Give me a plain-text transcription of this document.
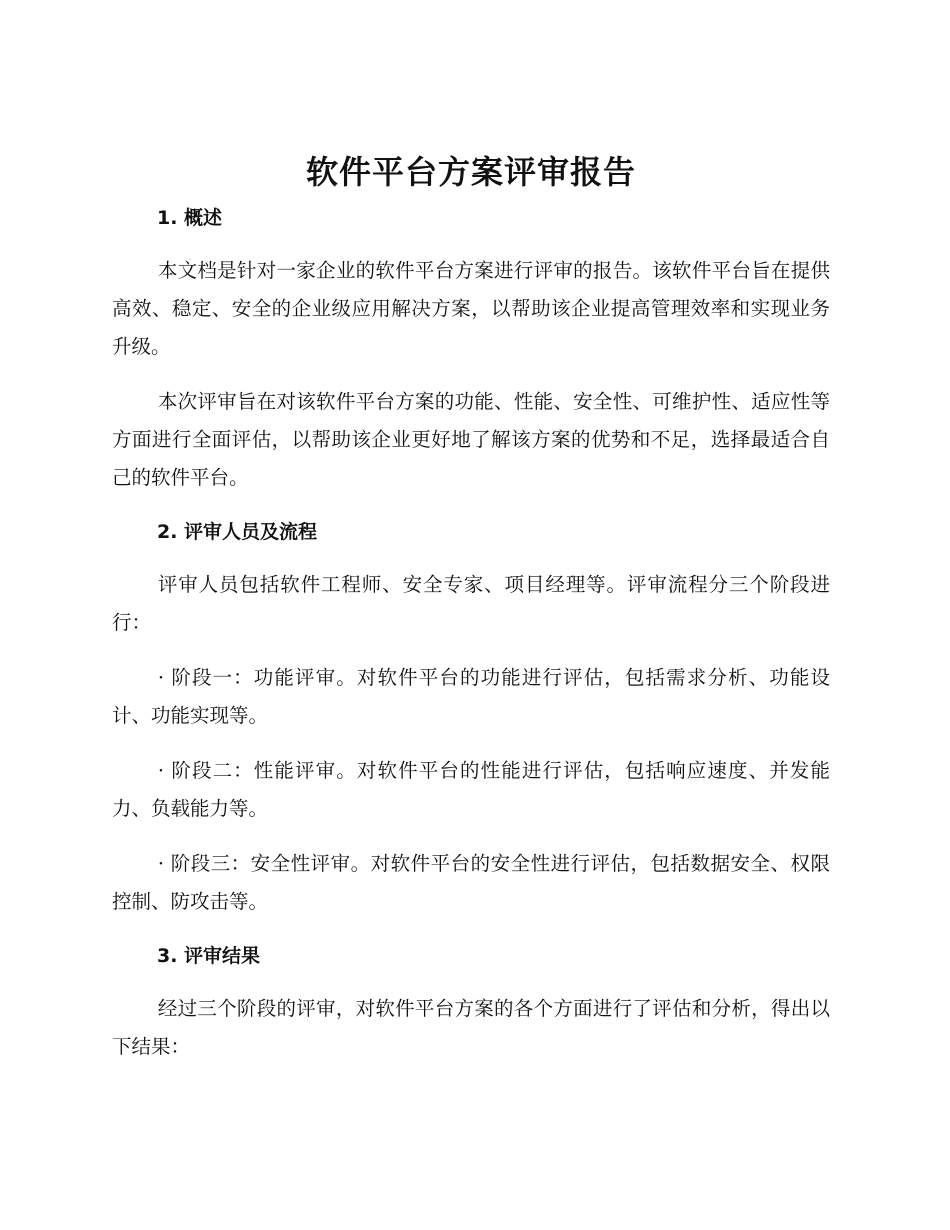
软件平台方案评审报告
1. 概述

本文档是针对一家企业的软件平台方案进行评审的报告。该软件平台旨在提供高效、稳定、安全的企业级应用解决方案，以帮助该企业提高管理效率和实现业务升级。

本次评审旨在对该软件平台方案的功能、性能、安全性、可维护性、适应性等方面进行全面评估，以帮助该企业更好地了解该方案的优势和不足，选择最适合自己的软件平台。

2. 评审人员及流程

评审人员包括软件工程师、安全专家、项目经理等。评审流程分三个阶段进行：

· 阶段一：功能评审。对软件平台的功能进行评估，包括需求分析、功能设计、功能实现等。

· 阶段二：性能评审。对软件平台的性能进行评估，包括响应速度、并发能力、负载能力等。

· 阶段三：安全性评审。对软件平台的安全性进行评估，包括数据安全、权限控制、防攻击等。

3. 评审结果

经过三个阶段的评审，对软件平台方案的各个方面进行了评估和分析，得出以下结果：
